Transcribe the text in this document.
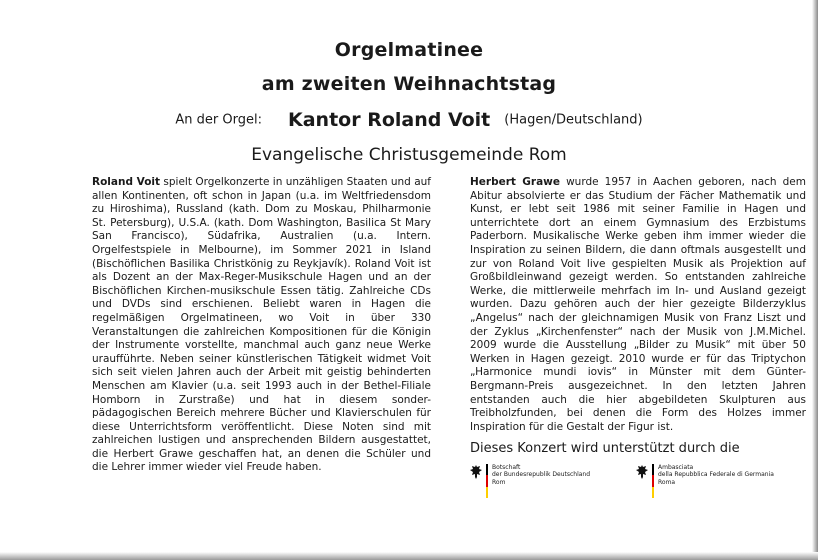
Orgelmatinee
am zweiten Weihnachtstag
An der Orgel: Kantor Roland Voit (Hagen/Deutschland)
Evangelische Christusgemeinde Rom
Roland Voit spielt Orgelkonzerte in unzähligen Staaten und auf allen Kontinenten, oft schon in Japan (u.a. im Weltfriedensdom zu Hiroshima), Russland (kath. Dom zu Moskau, Philharmonie St. Petersburg), U.S.A. (kath. Dom Washington, Basilica St Mary San Francisco), Südafrika, Australien (u.a. Intern. Orgelfestspiele in Melbourne), im Sommer 2021 in Island (Bischöflichen Basilika Christkönig zu Reykjavík). Roland Voit ist als Dozent an der Max-Reger-Musikschule Hagen und an der Bischöflichen Kirchen-musikschule Essen tätig. Zahlreiche CDs und DVDs sind erschienen. Beliebt waren in Hagen die regelmäßigen Orgelmatineen, wo Voit in über 330 Veranstaltungen die zahlreichen Kompositionen für die Königin der Instrumente vorstellte, manchmal auch ganz neue Werke uraufführte. Neben seiner künstlerischen Tätigkeit widmet Voit sich seit vielen Jahren auch der Arbeit mit geistig behinderten Menschen am Klavier (u.a. seit 1993 auch in der Bethel-Filiale Homborn in Zurstraße) und hat in diesem sonder-pädagogischen Bereich mehrere Bücher und Klavierschulen für diese Unterrichtsform veröffentlicht. Diese Noten sind mit zahlreichen lustigen und ansprechenden Bildern ausgestattet, die Herbert Grawe geschaffen hat, an denen die Schüler und die Lehrer immer wieder viel Freude haben.
Herbert Grawe wurde 1957 in Aachen geboren, nach dem Abitur absolvierte er das Studium der Fächer Mathematik und Kunst, er lebt seit 1986 mit seiner Familie in Hagen und unterrichtete dort an einem Gymnasium des Erzbistums Paderborn. Musikalische Werke geben ihm immer wieder die Inspiration zu seinen Bildern, die dann oftmals ausgestellt und zur von Roland Voit live gespielten Musik als Projektion auf Großbildleinwand gezeigt werden. So entstanden zahlreiche Werke, die mittlerweile mehrfach im In- und Ausland gezeigt wurden. Dazu gehören auch der hier gezeigte Bilderzyklus „Angelus“ nach der gleichnamigen Musik von Franz Liszt und der Zyklus „Kirchenfenster“ nach der Musik von J.M.Michel. 2009 wurde die Ausstellung „Bilder zu Musik“ mit über 50 Werken in Hagen gezeigt. 2010 wurde er für das Triptychon „Harmonice mundi iovis“ in Münster mit dem Günter-Bergmann-Preis ausgezeichnet. In den letzten Jahren entstanden auch die hier abgebildeten Skulpturen aus Treibholzfunden, bei denen die Form des Holzes immer Inspiration für die Gestalt der Figur ist.
Dieses Konzert wird unterstützt durch die
Botschaft
der Bundesrepublik Deutschland
Rom
Ambasciata
della Repubblica Federale di Germania
Roma
